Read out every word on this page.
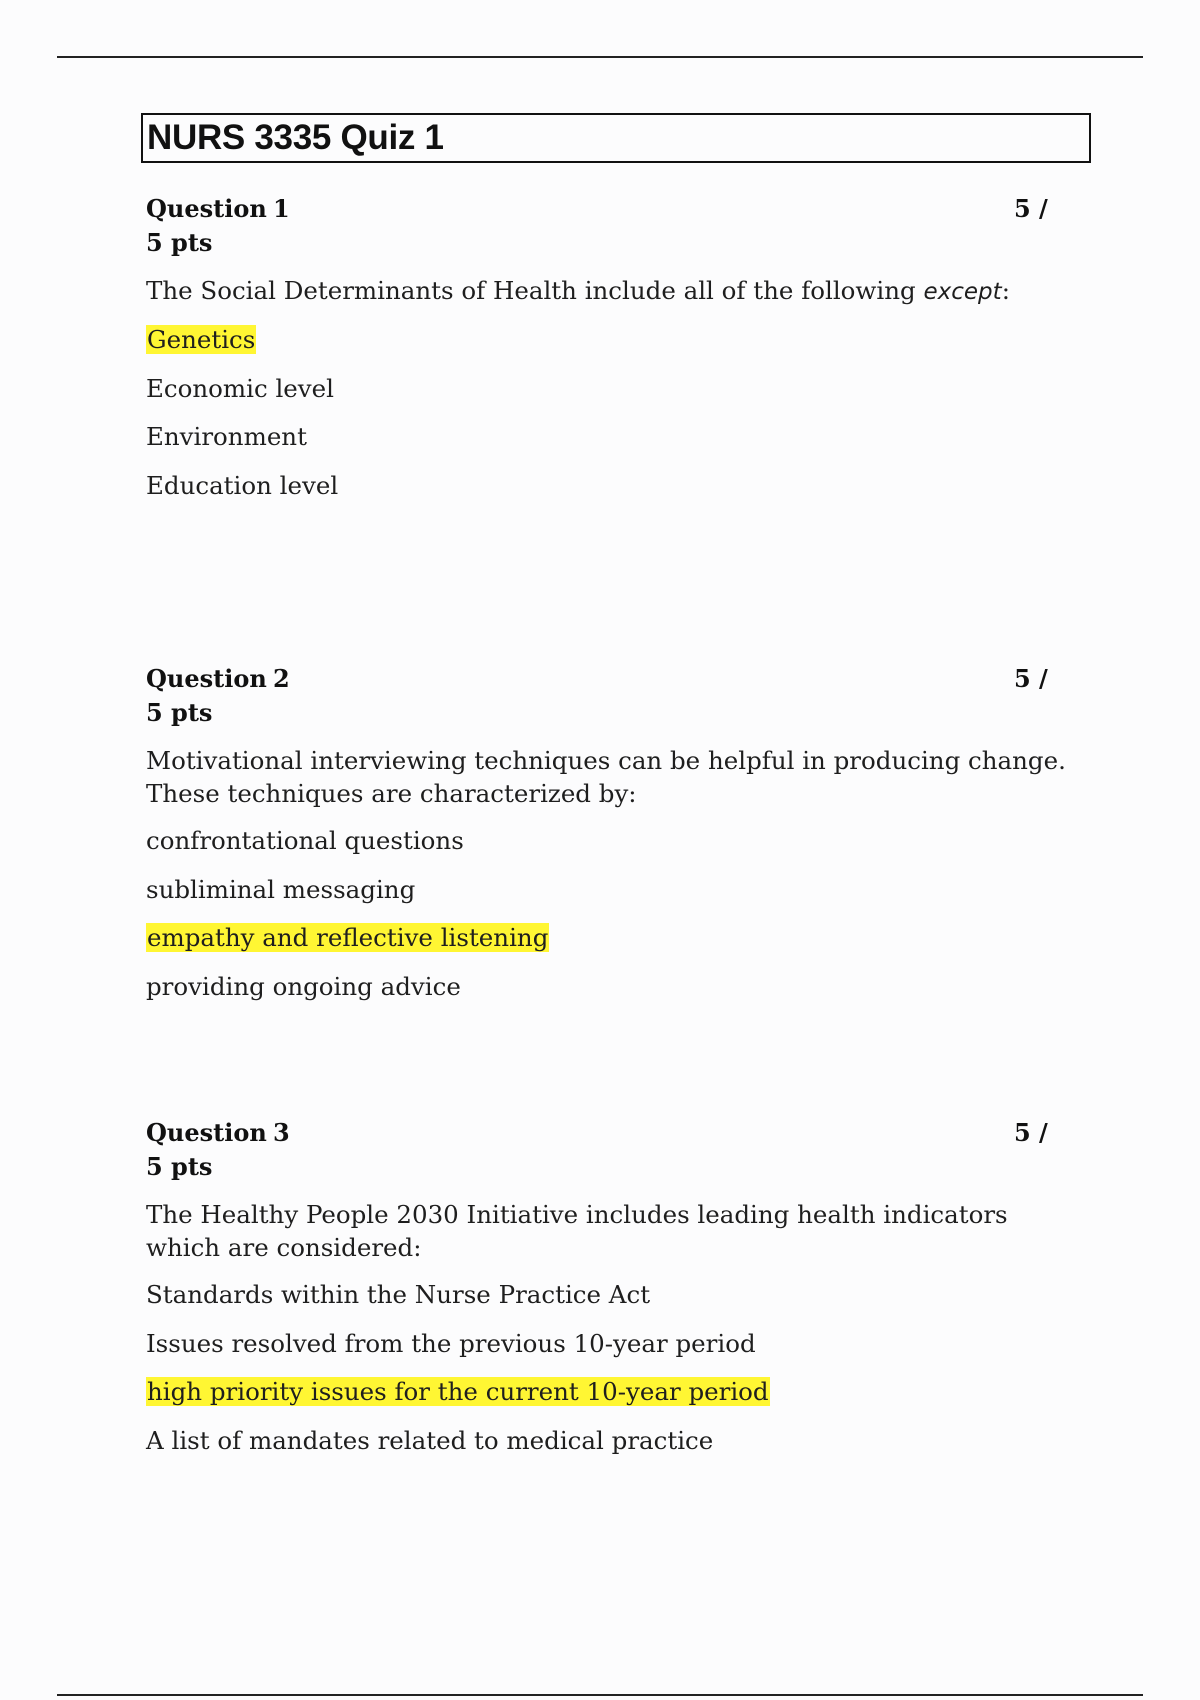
NURS 3335 Quiz 1
Question 1	5 /
5 pts
The Social Determinants of Health include all of the following except:
Genetics
Economic level
Environment
Education level
Question 2	5 /
5 pts
Motivational interviewing techniques can be helpful in producing change. These techniques are characterized by:
confrontational questions
subliminal messaging
empathy and reflective listening
providing ongoing advice
Question 3	5 /
5 pts
The Healthy People 2030 Initiative includes leading health indicators which are considered:
Standards within the Nurse Practice Act
Issues resolved from the previous 10-year period
high priority issues for the current 10-year period
A list of mandates related to medical practice
